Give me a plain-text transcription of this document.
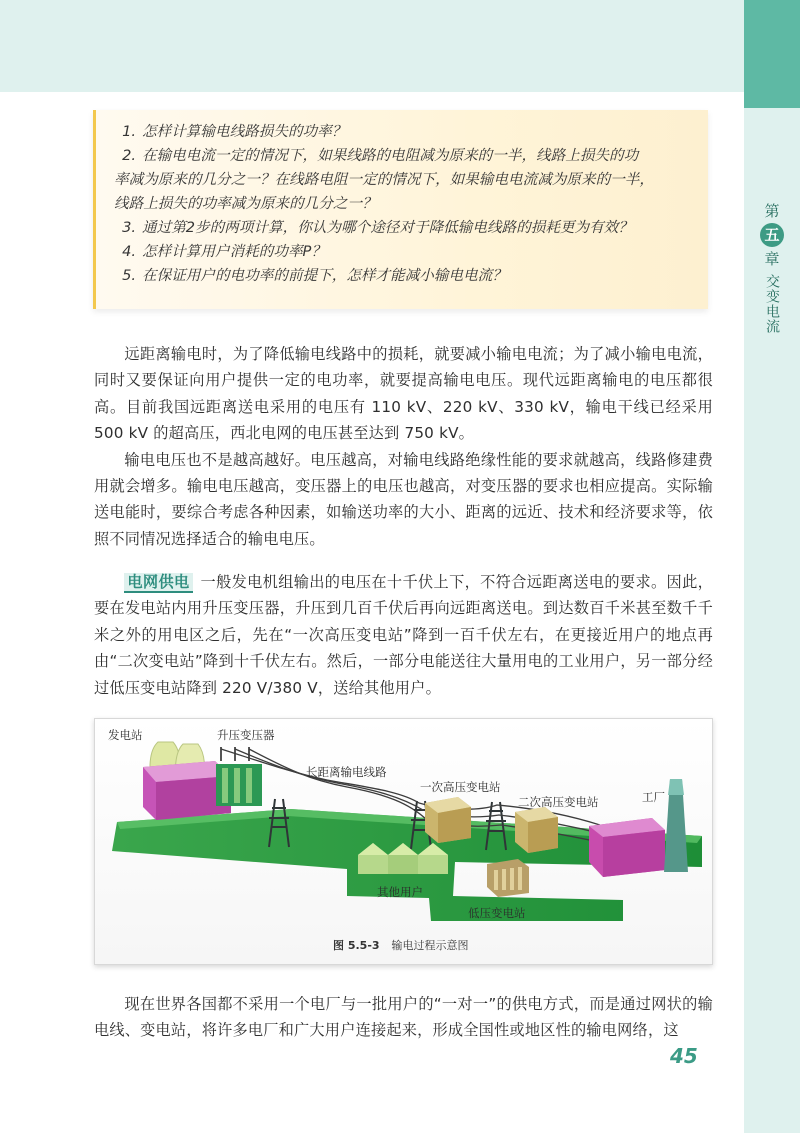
第
五
章
交变电流

1. 怎样计算输电线路损失的功率？

2. 在输电电流一定的情况下，如果线路的电阻减为原来的一半，线路上损失的功

率减为原来的几分之一？在线路电阻一定的情况下，如果输电电流减为原来的一半，

线路上损失的功率减为原来的几分之一？

3. 通过第2步的两项计算，你认为哪个途径对于降低输电线路的损耗更为有效？

4. 怎样计算用户消耗的功率P？

5. 在保证用户的电功率的前提下，怎样才能减小输电电流？

远距离输电时，为了降低输电线路中的损耗，就要减小输电电流；为了减小输电电流，同时又要保证向用户提供一定的电功率，就要提高输电电压。现代远距离输电的电压都很高。目前我国远距离送电采用的电压有 110 kV、220 kV、330 kV，输电干线已经采用 500 kV 的超高压，西北电网的电压甚至达到 750 kV。

输电电压也不是越高越好。电压越高，对输电线路绝缘性能的要求就越高，线路修建费用就会增多。输电电压越高，变压器上的电压也越高，对变压器的要求也相应提高。实际输送电能时，要综合考虑各种因素，如输送功率的大小、距离的远近、技术和经济要求等，依照不同情况选择适合的输电电压。

电网供电 一般发电机组输出的电压在十千伏上下，不符合远距离送电的要求。因此，要在发电站内用升压变压器，升压到几百千伏后再向远距离送电。到达数百千米甚至数千千米之外的用电区之后，先在“一次高压变电站”降到一百千伏左右，在更接近用户的地点再由“二次变电站”降到十千伏左右。然后，一部分电能送往大量用电的工业用户，另一部分经过低压变电站降到 220 V/380 V，送给其他用户。

发电站	升压变压器
长距离输电线路
一次高压变电站
二次高压变电站	工厂
其他用户
低压变电站
图 5.5-3 输电过程示意图

现在世界各国都不采用一个电厂与一批用户的“一对一”的供电方式，而是通过网状的输电线、变电站，将许多电厂和广大用户连接起来，形成全国性或地区性的输电网络，这

45
